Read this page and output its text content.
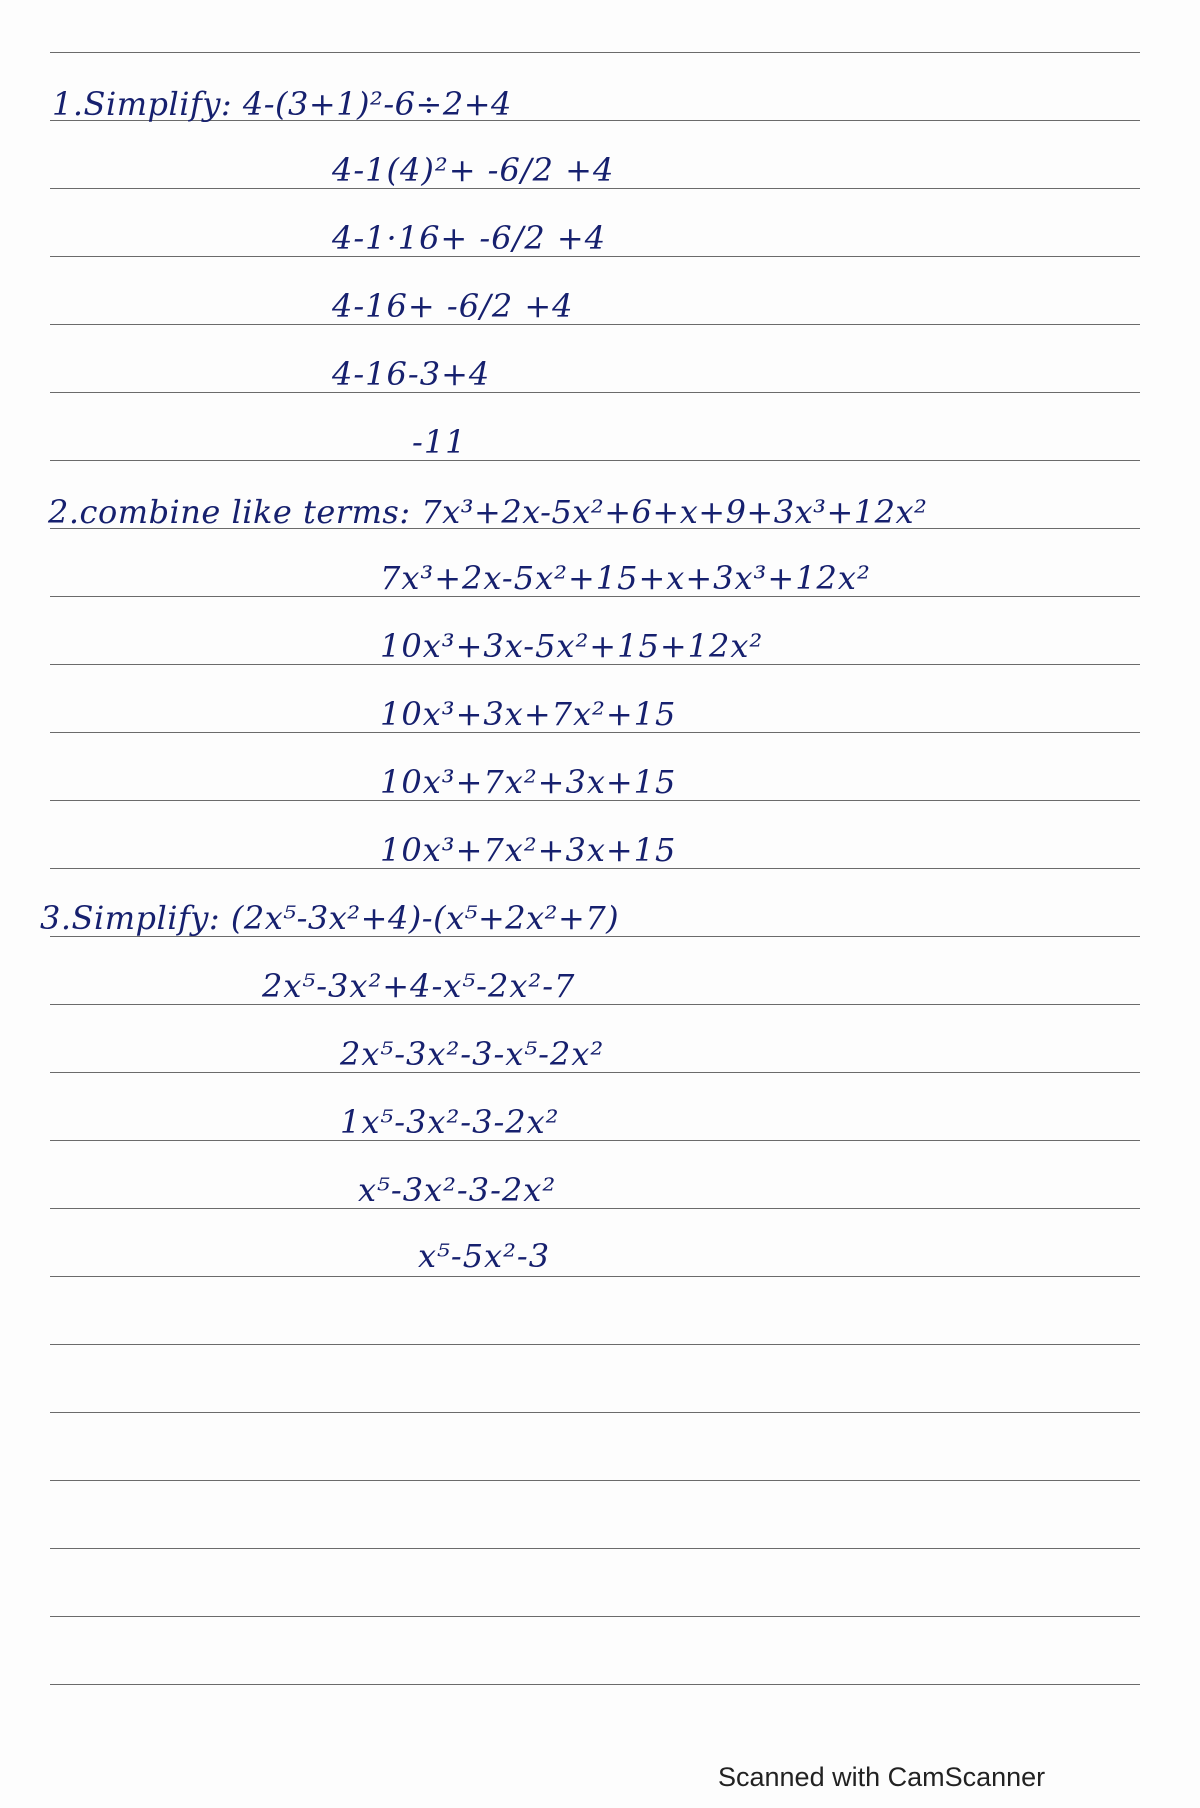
1.Simplify: 4-(3+1)²-6÷2+4
4-1(4)²+ -6/2 +4
4-1·16+ -6/2 +4
4-16+ -6/2 +4
4-16-3+4
-11
2.combine like terms: 7x³+2x-5x²+6+x+9+3x³+12x²
7x³+2x-5x²+15+x+3x³+12x²
10x³+3x-5x²+15+12x²
10x³+3x+7x²+15
10x³+7x²+3x+15
10x³+7x²+3x+15
3.Simplify: (2x⁵-3x²+4)-(x⁵+2x²+7)
2x⁵-3x²+4-x⁵-2x²-7
2x⁵-3x²-3-x⁵-2x²
1x⁵-3x²-3-2x²
x⁵-3x²-3-2x²
x⁵-5x²-3
Scanned with CamScanner
